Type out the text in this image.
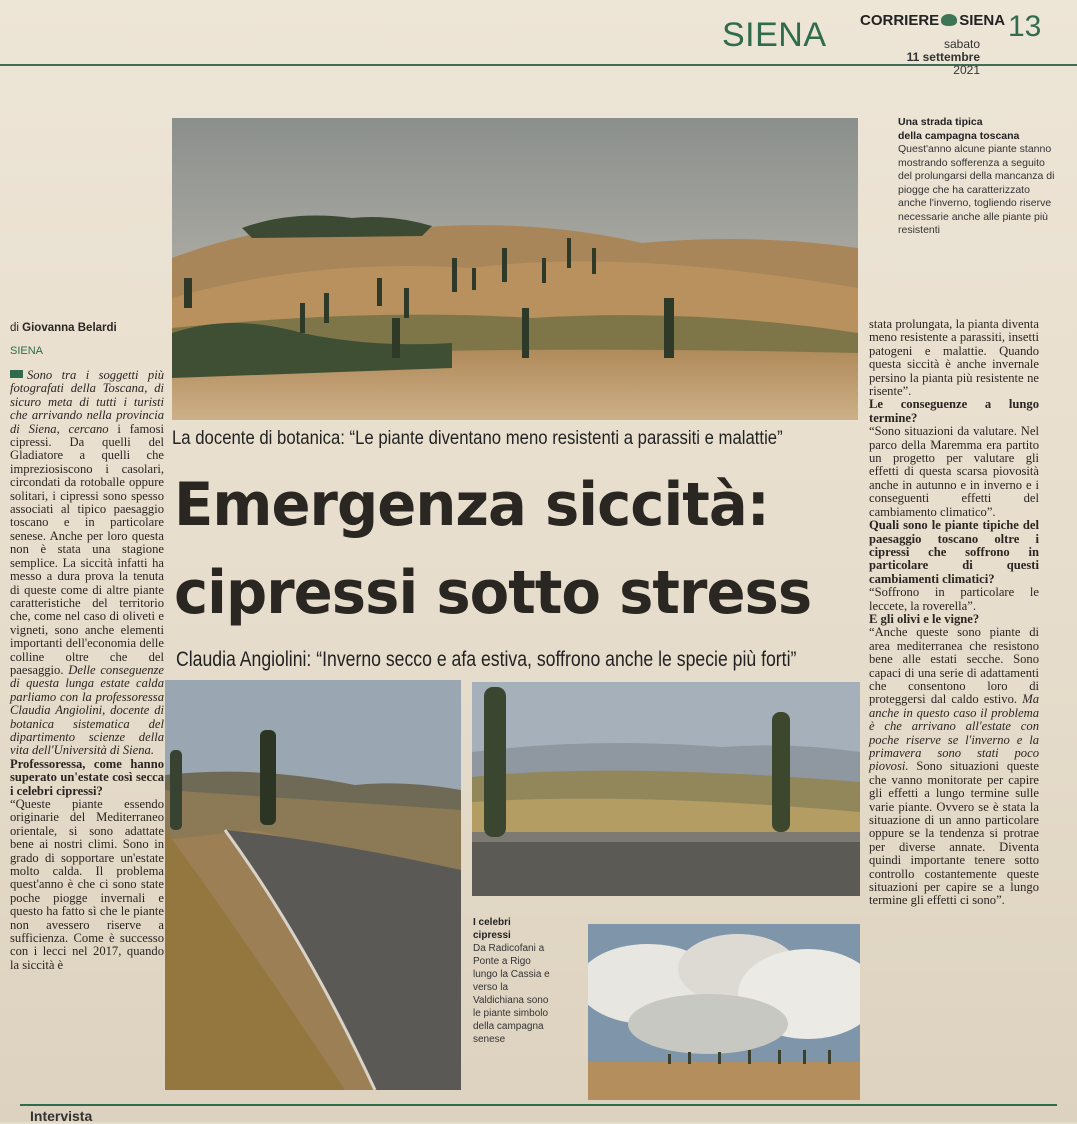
SIENA CORRIERE SIENA 13
sabato
11 settembre
2021
Una strada tipica
della campagna toscana
Quest'anno alcune piante stanno mostrando sofferenza a seguito del prolungarsi della mancanza di piogge che ha caratterizzato anche l'inverno, togliendo riserve necessarie anche alle piante più resistenti
di Giovanna Belardi
SIENA

Sono tra i soggetti più fotografati della Toscana, di sicuro meta di tutti i turisti che arrivando nella provincia di Siena, cercano i famosi cipressi. Da quelli del Gladiatore a quelli che impreziosiscono i casolari, circondati da rotoballe oppure solitari, i cipressi sono spesso associati al tipico paesaggio toscano e in particolare senese. Anche per loro questa non è stata una stagione semplice. La siccità infatti ha messo a dura prova la tenuta di queste come di altre piante caratteristiche del territorio che, come nel caso di oliveti e vigneti, sono anche elementi importanti dell'economia delle colline oltre che del paesaggio. Delle conseguenze di questa lunga estate calda parliamo con la professoressa Claudia Angiolini, docente di botanica sistematica del dipartimento scienze della vita dell'Università di Siena.

Professoressa, come hanno superato un'estate così secca i celebri cipressi?

“Queste piante essendo originarie del Mediterraneo orientale, si sono adattate bene ai nostri climi. Sono in grado di sopportare un'estate molto calda. Il problema quest'anno è che ci sono state poche piogge invernali e questo ha fatto sì che le piante non avessero riserve a sufficienza. Come è successo con i lecci nel 2017, quando la siccità è

La docente di botanica: “Le piante diventano meno resistenti a parassiti e malattie”
Emergenza siccità:
cipressi sotto stress
Claudia Angiolini: “Inverno secco e afa estiva, soffrono anche le specie più forti”
I celebri
cipressi
Da Radicofani a Ponte a Rigo lungo la Cassia e verso la Valdichiana sono le piante simbolo della campagna senese

stata prolungata, la pianta diventa meno resistente a parassiti, insetti patogeni e malattie. Quando questa siccità è anche invernale persino la pianta più resistente ne risente”.

Le conseguenze a lungo termine?

“Sono situazioni da valutare. Nel parco della Maremma era partito un progetto per valutare gli effetti di questa scarsa piovosità anche in autunno e in inverno e i conseguenti effetti del cambiamento climatico”.

Quali sono le piante tipiche del paesaggio toscano oltre i cipressi che soffrono in particolare di questi cambiamenti climatici?

“Soffrono in particolare le leccete, la roverella”.

E gli olivi e le vigne?

“Anche queste sono piante di area mediterranea che resistono bene alle estati secche. Sono capaci di una serie di adattamenti che consentono loro di proteggersi dal caldo estivo. Ma anche in questo caso il problema è che arrivano all'estate con poche riserve se l'inverno e la primavera sono stati poco piovosi. Sono situazioni queste che vanno monitorate per capire gli effetti a lungo termine sulle varie piante. Ovvero se è stata la situazione di un anno particolare oppure se la tendenza si protrae per diverse annate. Diventa quindi importante tenere sotto controllo costantemente queste situazioni per capire se a lungo termine gli effetti ci sono”.

Intervista
